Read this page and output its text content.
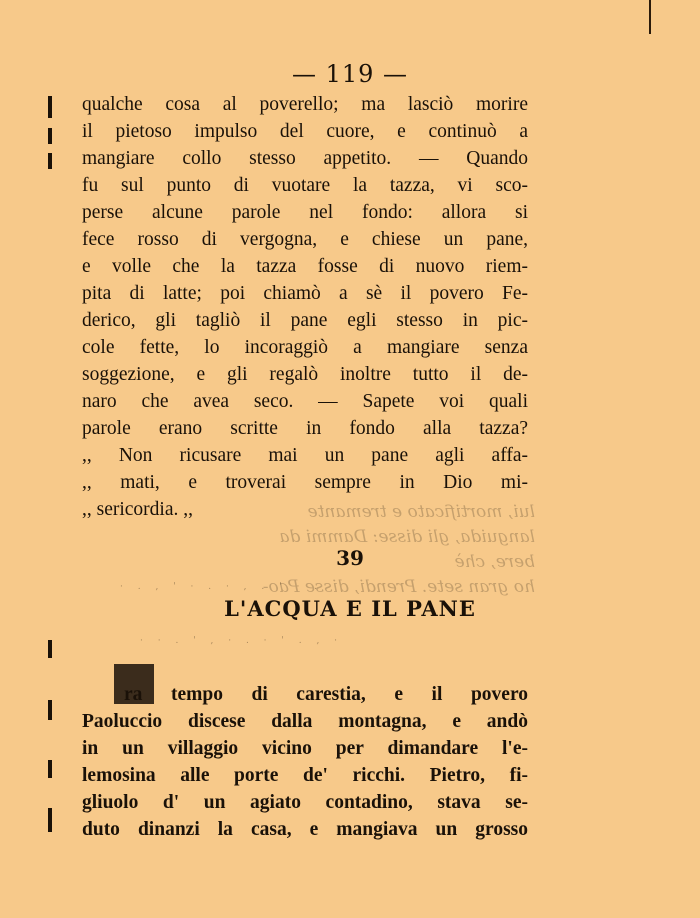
— 119 —
lui, mortificato e tremante
languida, gli disse: Dammi da bere, chè
ho gran sete. Prendi, disse Pao-
qualche cosa al poverello; ma lasciò morire
il pietoso impulso del cuore, e continuò a
mangiare collo stesso appetito. — Quando
fu sul punto di vuotare la tazza, vi sco-
perse alcune parole nel fondo: allora si
fece rosso di vergogna, e chiese un pane,
e volle che la tazza fosse di nuovo riem-
pita di latte; poi chiamò a sè il povero Fe-
derico, gli tagliò il pane egli stesso in pic-
cole fette, lo incoraggiò a mangiare senza
soggezione, e gli regalò inoltre tutto il de-
naro che avea seco. — Sapete voi quali
parole erano scritte in fondo alla tazza?
,, Non ricusare mai un pane agli affa-
,, mati, e troverai sempre in Dio mi-
,, sericordia. ,,
39
· . , ' · . · , . ' · .
L'ACQUA E IL PANE
· · . ' , · . · ' . , ·
ra tempo di carestia, e il povero
Paoluccio discese dalla montagna, e andò
in un villaggio vicino per dimandare l'e-
lemosina alle porte de' ricchi. Pietro, fi-
gliuolo d' un agiato contadino, stava se-
duto dinanzi la casa, e mangiava un grosso
